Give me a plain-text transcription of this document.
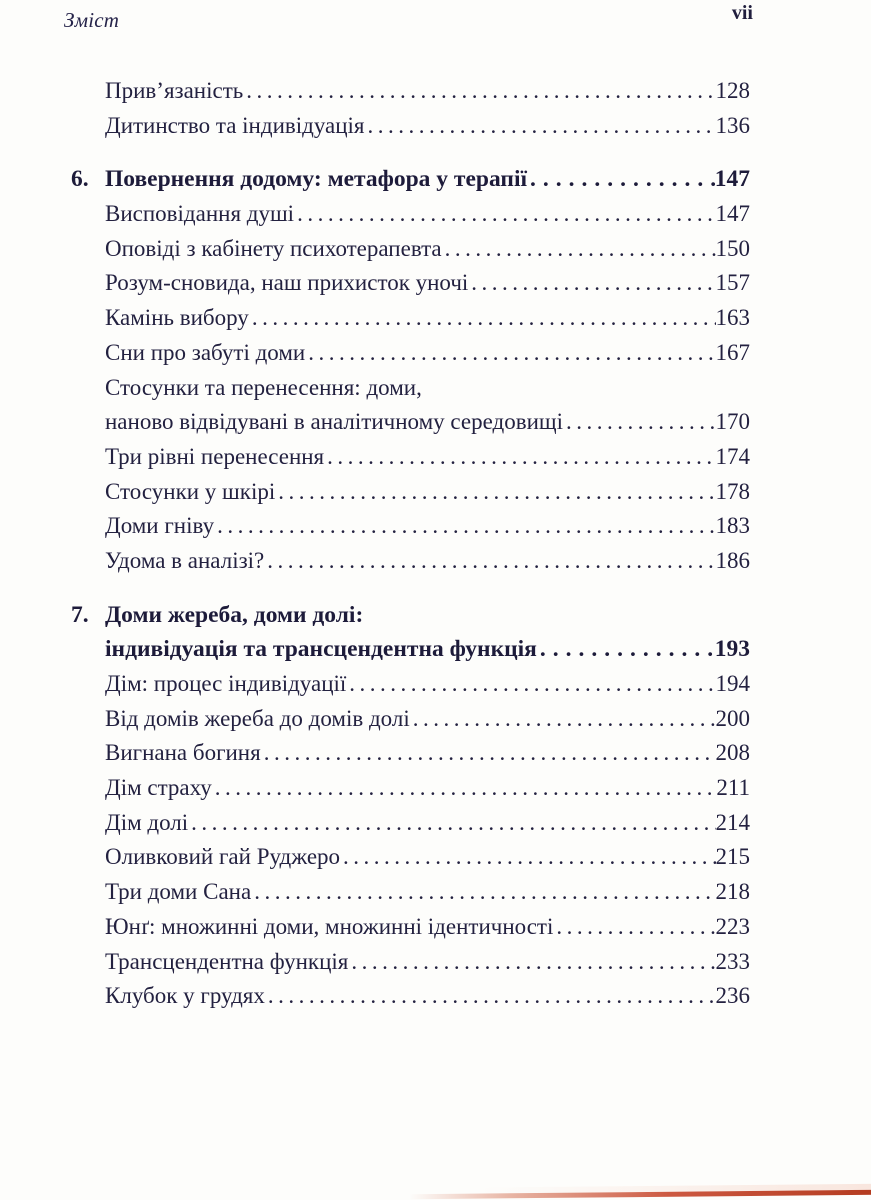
Зміст	vii
Прив’язаність .....	128
Дитинство та індивідуація .....	136
6. Повернення додому: метафора у терапії .....	147
Висповідання душі .....	147
Оповіді з кабінету психотерапевта .....	150
Розум-сновида, наш прихисток уночі .....	157
Камінь вибору .....	163
Сни про забуті доми .....	167
Стосунки та перенесення: доми,
наново відвідувані в аналітичному середовищі .....	170
Три рівні перенесення .....	174
Стосунки у шкірі .....	178
Доми гніву .....	183
Удома в аналізі? .....	186
7. Доми жереба, доми долі:
індивідуація та трансцендентна функція .....	193
Дім: процес індивідуації .....	194
Від домів жереба до домів долі .....	200
Вигнана богиня .....	208
Дім страху .....	211
Дім долі .....	214
Оливковий гай Руджеро .....	215
Три доми Сана .....	218
Юнґ: множинні доми, множинні ідентичності .....	223
Трансцендентна функція .....	233
Клубок у грудях .....	236
